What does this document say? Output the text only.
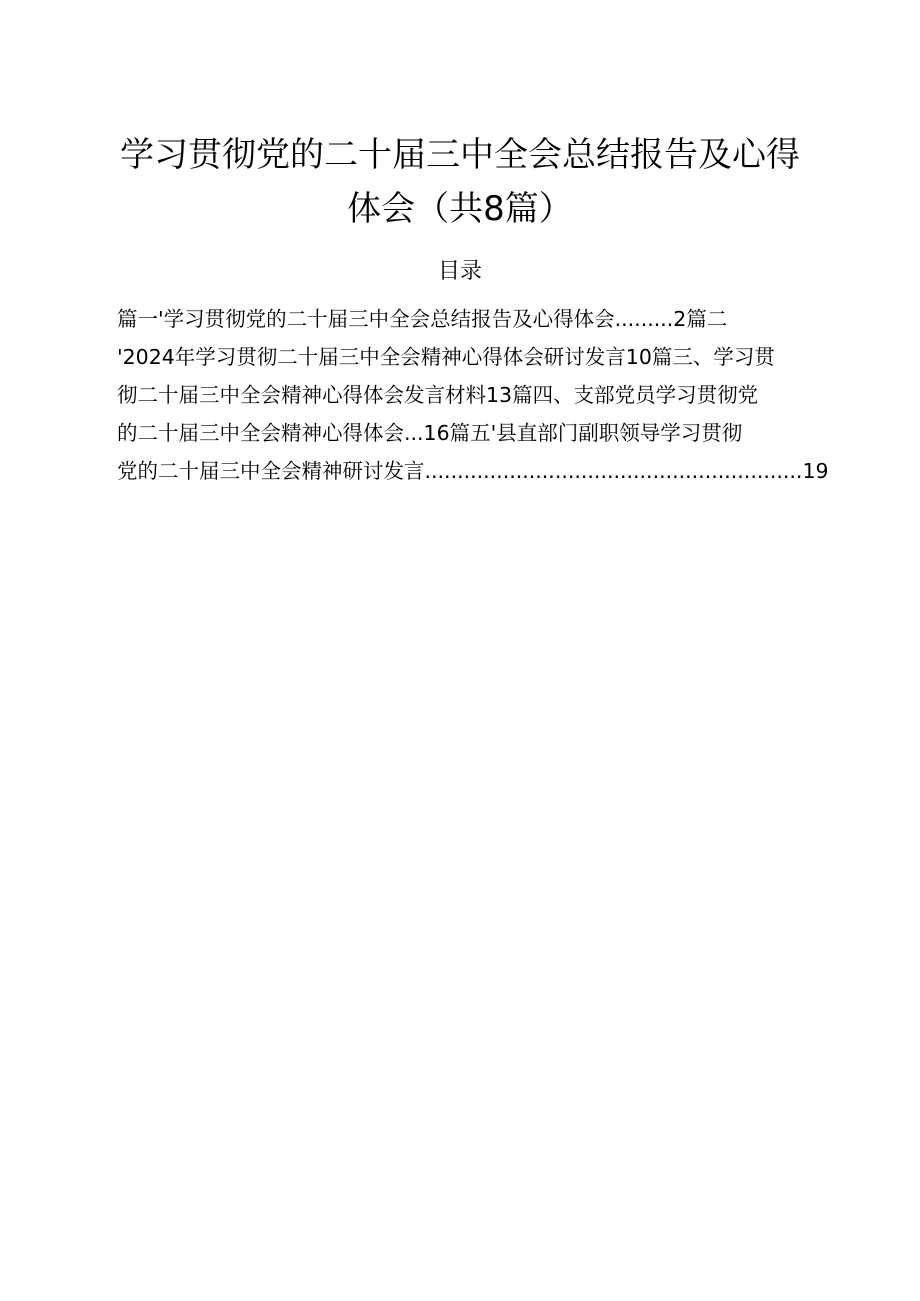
学习贯彻党的二十届三中全会总结报告及心得
体会（共8篇）
目录
篇一'学习贯彻党的二十届三中全会总结报告及心得体会.........2篇二
'2024年学习贯彻二十届三中全会精神心得体会研讨发言10篇三、学习贯
彻二十届三中全会精神心得体会发言材料13篇四、支部党员学习贯彻党
的二十届三中全会精神心得体会...16篇五'县直部门副职领导学习贯彻
党的二十届三中全会精神研讨发言..........................................................19
